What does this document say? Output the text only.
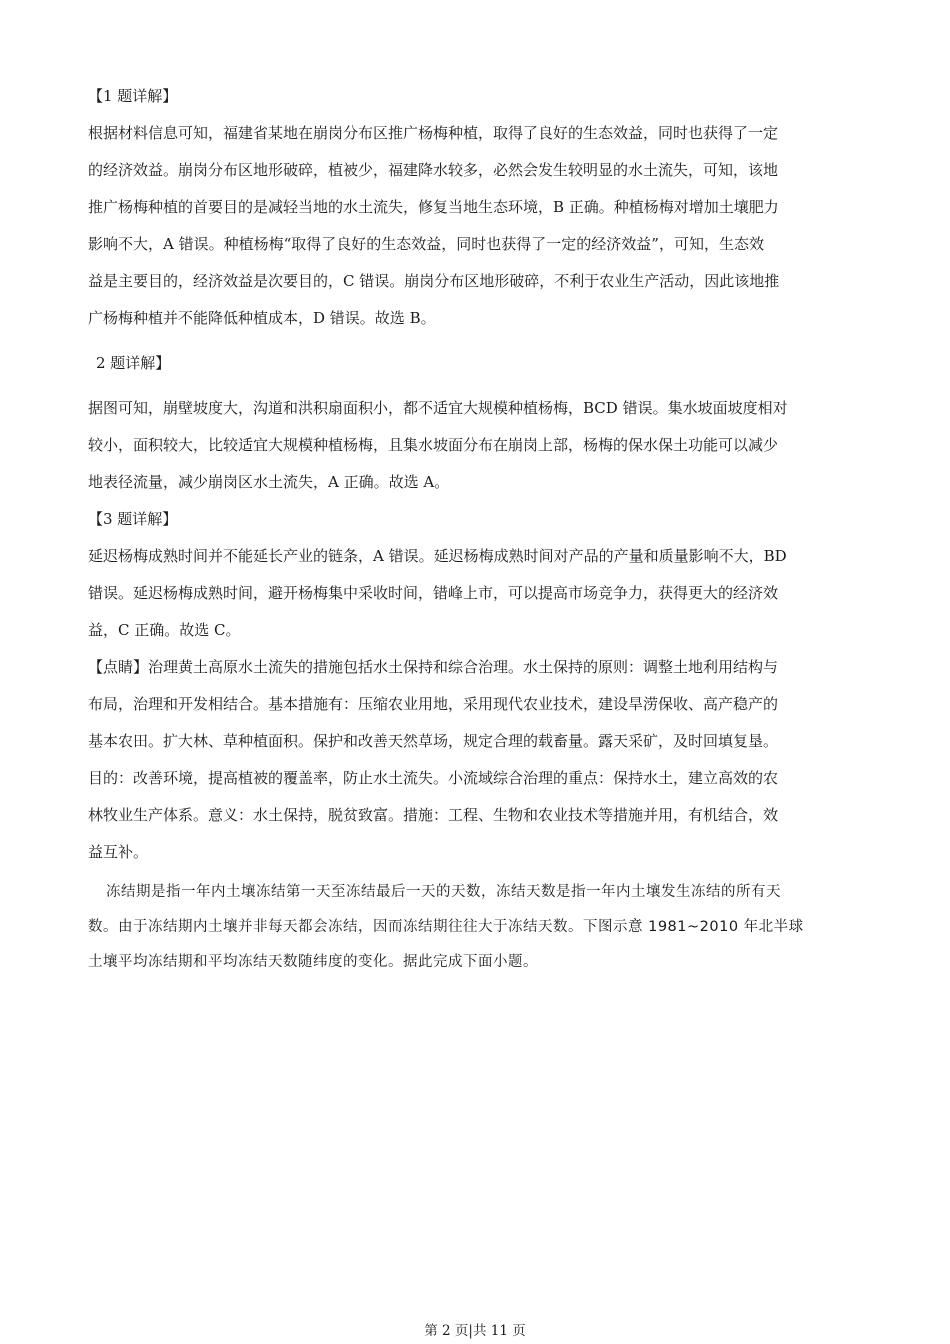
【1 题详解】
根据材料信息可知，福建省某地在崩岗分布区推广杨梅种植，取得了良好的生态效益，同时也获得了一定
的经济效益。崩岗分布区地形破碎，植被少，福建降水较多，必然会发生较明显的水土流失，可知，该地
推广杨梅种植的首要目的是减轻当地的水土流失，修复当地生态环境，B 正确。种植杨梅对增加土壤肥力
影响不大，A 错误。种植杨梅“取得了良好的生态效益，同时也获得了一定的经济效益”，可知，生态效
益是主要目的，经济效益是次要目的，C 错误。崩岗分布区地形破碎，不利于农业生产活动，因此该地推
广杨梅种植并不能降低种植成本，D 错误。故选 B。
2 题详解】
据图可知，崩壁坡度大，沟道和洪积扇面积小，都不适宜大规模种植杨梅，BCD 错误。集水坡面坡度相对
较小，面积较大，比较适宜大规模种植杨梅，且集水坡面分布在崩岗上部，杨梅的保水保土功能可以减少
地表径流量，减少崩岗区水土流失，A 正确。故选 A。
【3 题详解】
延迟杨梅成熟时间并不能延长产业的链条，A 错误。延迟杨梅成熟时间对产品的产量和质量影响不大，BD
错误。延迟杨梅成熟时间，避开杨梅集中采收时间，错峰上市，可以提高市场竞争力，获得更大的经济效
益，C 正确。故选 C。
【点睛】治理黄土高原水土流失的措施包括水土保持和综合治理。水土保持的原则：调整土地利用结构与
布局，治理和开发相结合。基本措施有：压缩农业用地，采用现代农业技术，建设旱涝保收、高产稳产的
基本农田。扩大林、草种植面积。保护和改善天然草场，规定合理的载畜量。露天采矿，及时回填复垦。
目的：改善环境，提高植被的覆盖率，防止水土流失。小流域综合治理的重点：保持水土，建立高效的农
林牧业生产体系。意义：水土保持，脱贫致富。措施：工程、生物和农业技术等措施并用，有机结合，效
益互补。
冻结期是指一年内土壤冻结第一天至冻结最后一天的天数，冻结天数是指一年内土壤发生冻结的所有天
数。由于冻结期内土壤并非每天都会冻结，因而冻结期往往大于冻结天数。下图示意 1981~2010 年北半球
土壤平均冻结期和平均冻结天数随纬度的变化。据此完成下面小题。
第 2 页|共 11 页
